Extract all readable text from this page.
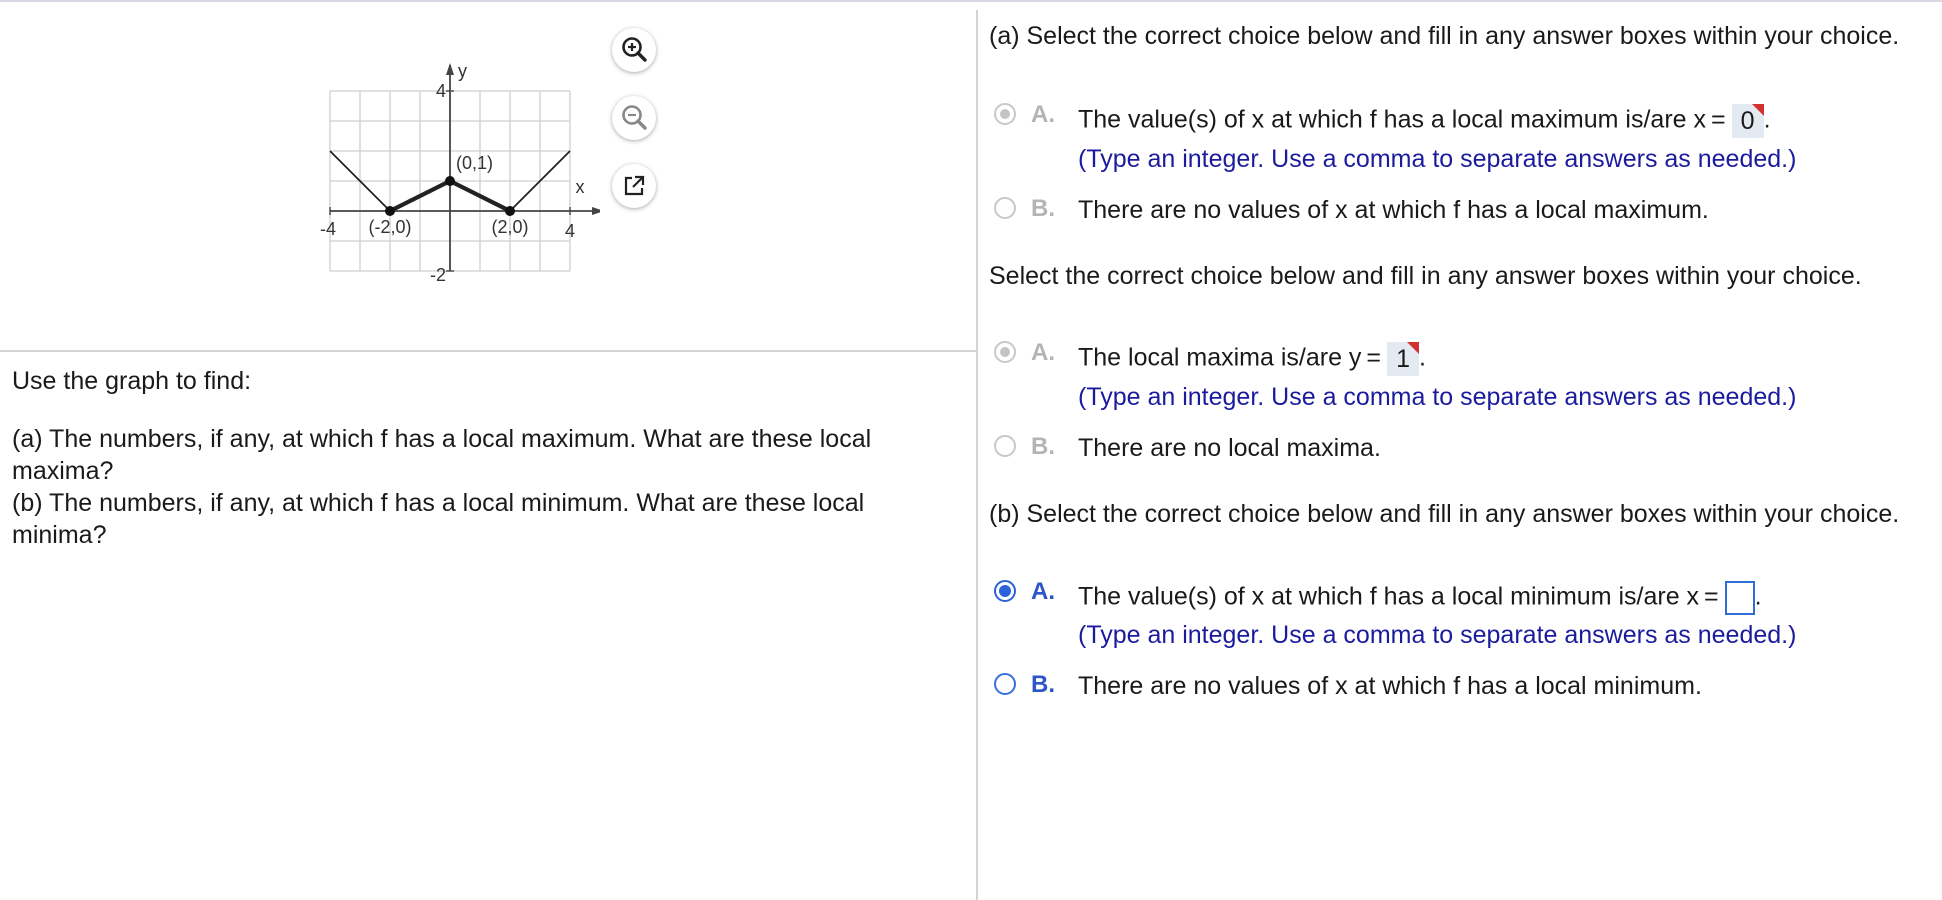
y
x
4
-2
-4	4
(-2,0)
(0,1)
(2,0)

Use the graph to find:

(a) The numbers, if any, at which f has a local maximum. What are these local maxima?

(b) The numbers, if any, at which f has a local minimum. What are these local minima?

(a) Select the correct choice below and fill in any answer boxes within your choice.
A. The value(s) of x at which f has a local maximum is/are x = 0 .
(Type an integer. Use a comma to separate answers as needed.)
B. There are no values of x at which f has a local maximum.
Select the correct choice below and fill in any answer boxes within your choice.
A. The local maxima is/are y = 1 .
(Type an integer. Use a comma to separate answers as needed.)
B. There are no local maxima.
(b) Select the correct choice below and fill in any answer boxes within your choice.
A. The value(s) of x at which f has a local minimum is/are x = .
(Type an integer. Use a comma to separate answers as needed.)
B. There are no values of x at which f has a local minimum.
